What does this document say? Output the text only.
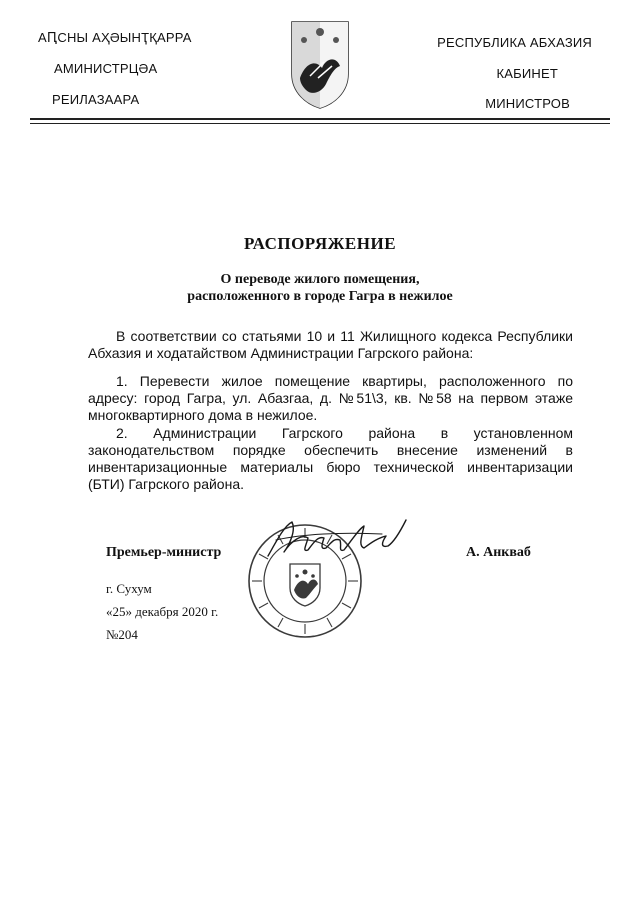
АԤСНЫ АҲӘЫНҬҚАРРА
АМИНИСТРЦӘА
РЕИЛАЗААРА
РЕСПУБЛИКА АБХАЗИЯ
КАБИНЕТ
МИНИСТРОВ
РАСПОРЯЖЕНИЕ
О переводе жилого помещения,
расположенного в городе Гагра в нежилое
В соответствии со статьями 10 и 11 Жилищного кодекса Республики Абхазия и ходатайством Администрации Гагрского района:
1. Перевести жилое помещение квартиры, расположенного по адресу: город Гагра, ул. Абазгаа, д. №51\3, кв. №58 на первом этаже многоквартирного дома в нежилое.
2. Администрации Гагрского района в установленном законодательством порядке обеспечить внесение изменений в инвентаризационные материалы бюро технической инвентаризации (БТИ) Гагрского района.
Премьер-министр	А. Анкваб
г. Сухум
«25» декабря 2020 г.
№204
